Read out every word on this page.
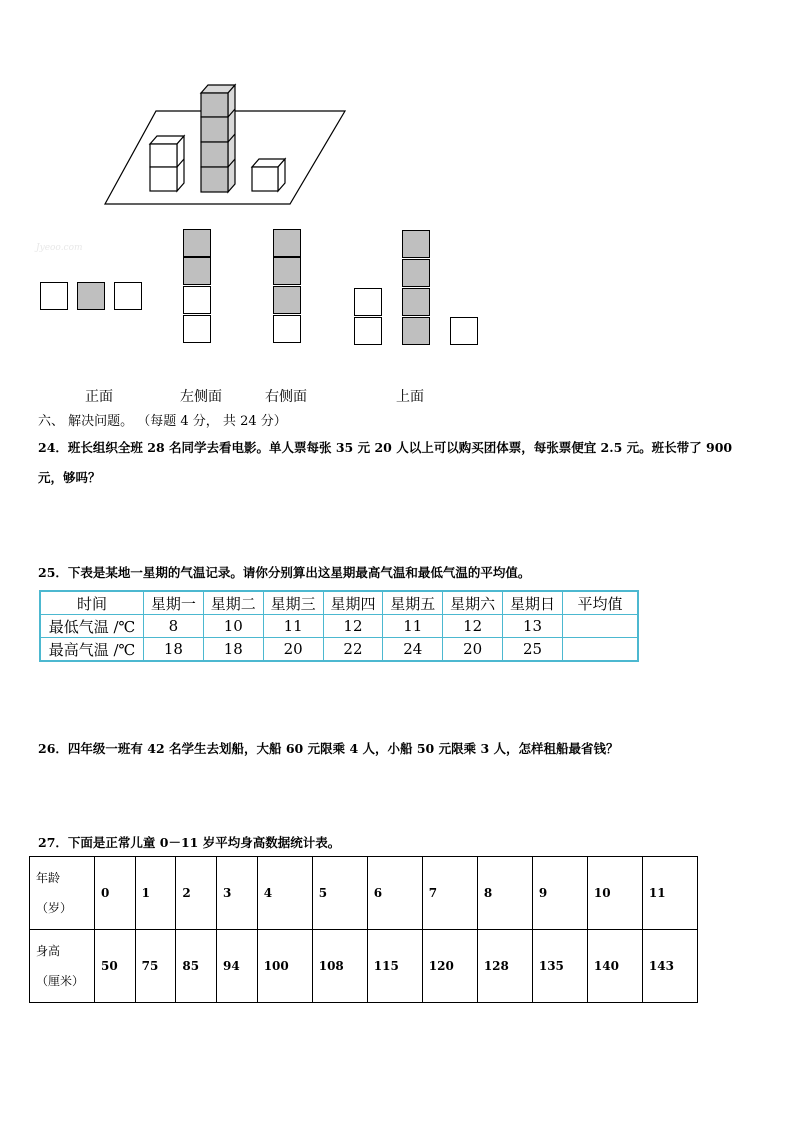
Jyeoo.com
正面	左侧面	右侧面	上面
六、 解决问题。 （每题 4 分， 共 24 分）
24．班长组织全班 28 名同学去看电影。单人票每张 35 元 20 人以上可以购买团体票，每张票便宜 2.5 元。班长带了 900
元，够吗？
25．下表是某地一星期的气温记录。请你分别算出这星期最高气温和最低气温的平均值。
时间	星期一	星期二	星期三	星期四	星期五	星期六	星期日	平均值
最低气温 /℃	8	10	11	12	11	12	13	
最高气温 /℃	18	18	20	22	24	20	25	
26．四年级一班有 42 名学生去划船，大船 60 元限乘 4 人，小船 50 元限乘 3 人，怎样租船最省钱？
27．下面是正常儿童 0－11 岁平均身高数据统计表。
年龄
（岁）	0	1	2	3	4	5	6	7	8	9	10	11
身高
（厘米）	50	75	85	94	100	108	115	120	128	135	140	143
